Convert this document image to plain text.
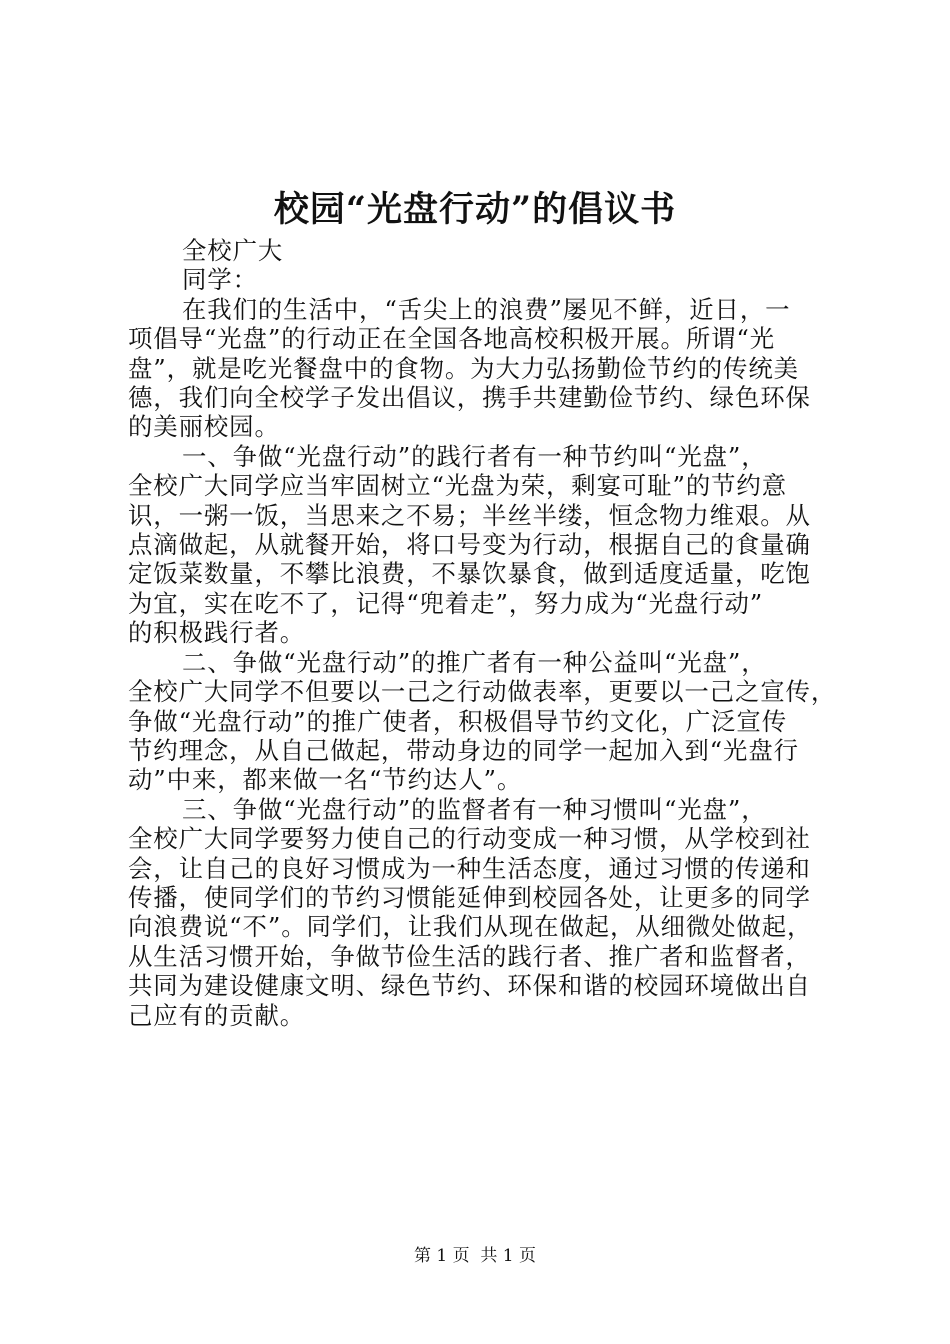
校园“光盘行动”的倡议书
全校广大
同学：
在我们的生活中，“舌尖上的浪费”屡见不鲜，近日，一
项倡导“光盘”的行动正在全国各地高校积极开展。所谓“光
盘”，就是吃光餐盘中的食物。为大力弘扬勤俭节约的传统美
德，我们向全校学子发出倡议，携手共建勤俭节约、绿色环保
的美丽校园。
一、争做“光盘行动”的践行者有一种节约叫“光盘”，
全校广大同学应当牢固树立“光盘为荣，剩宴可耻”的节约意
识，一粥一饭，当思来之不易；半丝半缕，恒念物力维艰。从
点滴做起，从就餐开始，将口号变为行动，根据自己的食量确
定饭菜数量，不攀比浪费，不暴饮暴食，做到适度适量，吃饱
为宜，实在吃不了，记得“兜着走”，努力成为“光盘行动”
的积极践行者。
二、争做“光盘行动”的推广者有一种公益叫“光盘”，
全校广大同学不但要以一己之行动做表率，更要以一己之宣传，
争做“光盘行动”的推广使者，积极倡导节约文化，广泛宣传
节约理念，从自己做起，带动身边的同学一起加入到“光盘行
动”中来，都来做一名“节约达人”。
三、争做“光盘行动”的监督者有一种习惯叫“光盘”，
全校广大同学要努力使自己的行动变成一种习惯，从学校到社
会，让自己的良好习惯成为一种生活态度，通过习惯的传递和
传播，使同学们的节约习惯能延伸到校园各处，让更多的同学
向浪费说“不”。同学们，让我们从现在做起，从细微处做起，
从生活习惯开始，争做节俭生活的践行者、推广者和监督者，
共同为建设健康文明、绿色节约、环保和谐的校园环境做出自
己应有的贡献。
第 1 页  共 1 页
